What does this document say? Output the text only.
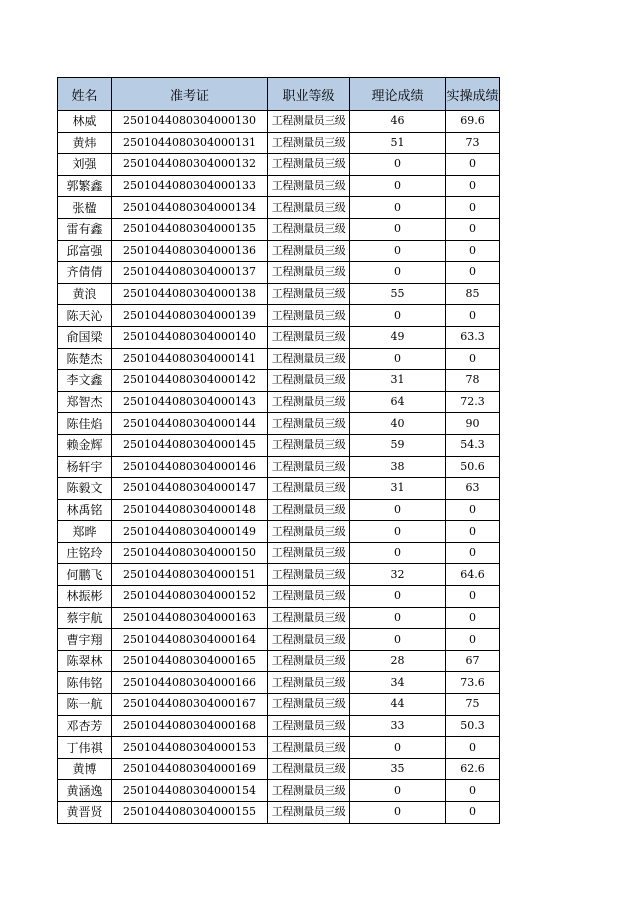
姓名	准考证	职业等级	理论成绩	实操成绩
林威	2501044080304000130	工程测量员三级	46	69.6
黄炜	2501044080304000131	工程测量员三级	51	73
刘强	2501044080304000132	工程测量员三级	0	0
郭繁鑫	2501044080304000133	工程测量员三级	0	0
张楹	2501044080304000134	工程测量员三级	0	0
雷有鑫	2501044080304000135	工程测量员三级	0	0
邱富强	2501044080304000136	工程测量员三级	0	0
齐倩倩	2501044080304000137	工程测量员三级	0	0
黄浪	2501044080304000138	工程测量员三级	55	85
陈天沁	2501044080304000139	工程测量员三级	0	0
俞国梁	2501044080304000140	工程测量员三级	49	63.3
陈楚杰	2501044080304000141	工程测量员三级	0	0
李文鑫	2501044080304000142	工程测量员三级	31	78
郑智杰	2501044080304000143	工程测量员三级	64	72.3
陈佳焰	2501044080304000144	工程测量员三级	40	90
赖金辉	2501044080304000145	工程测量员三级	59	54.3
杨轩宇	2501044080304000146	工程测量员三级	38	50.6
陈毅文	2501044080304000147	工程测量员三级	31	63
林禹铭	2501044080304000148	工程测量员三级	0	0
郑晔	2501044080304000149	工程测量员三级	0	0
庄铭玲	2501044080304000150	工程测量员三级	0	0
何鹏飞	2501044080304000151	工程测量员三级	32	64.6
林振彬	2501044080304000152	工程测量员三级	0	0
蔡宇航	2501044080304000163	工程测量员三级	0	0
曹宇翔	2501044080304000164	工程测量员三级	0	0
陈翠林	2501044080304000165	工程测量员三级	28	67
陈伟铭	2501044080304000166	工程测量员三级	34	73.6
陈一航	2501044080304000167	工程测量员三级	44	75
邓杏芳	2501044080304000168	工程测量员三级	33	50.3
丁伟祺	2501044080304000153	工程测量员三级	0	0
黄博	2501044080304000169	工程测量员三级	35	62.6
黄涵逸	2501044080304000154	工程测量员三级	0	0
黄晋贤	2501044080304000155	工程测量员三级	0	0
